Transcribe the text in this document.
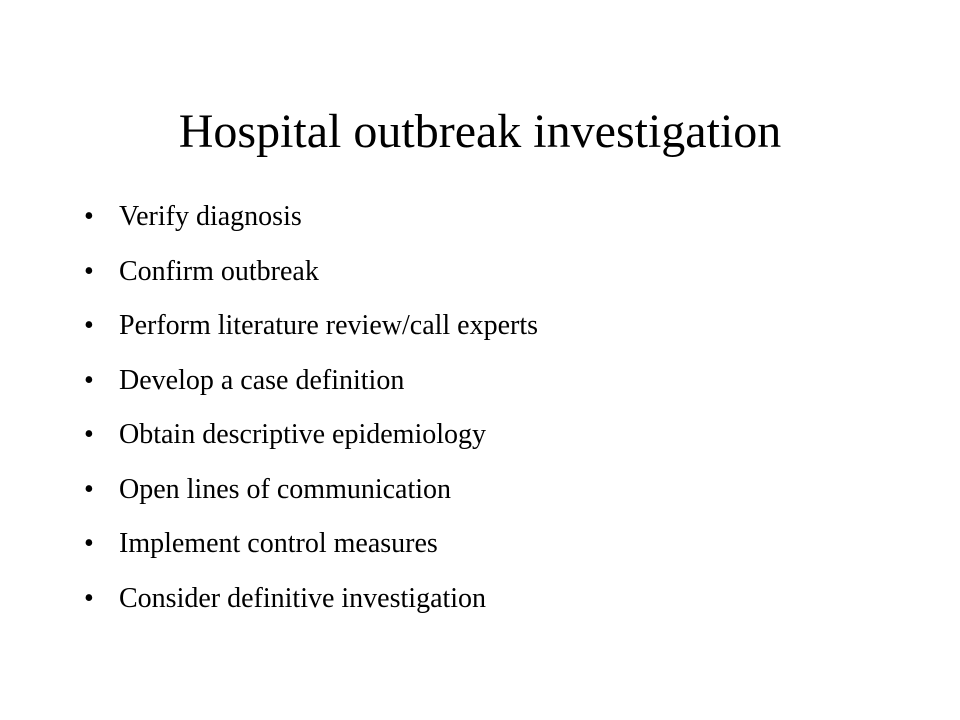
Hospital outbreak investigation
• Verify diagnosis
• Confirm outbreak
• Perform literature review/call experts
• Develop a case definition
• Obtain descriptive epidemiology
• Open lines of communication
• Implement control measures
• Consider definitive investigation
